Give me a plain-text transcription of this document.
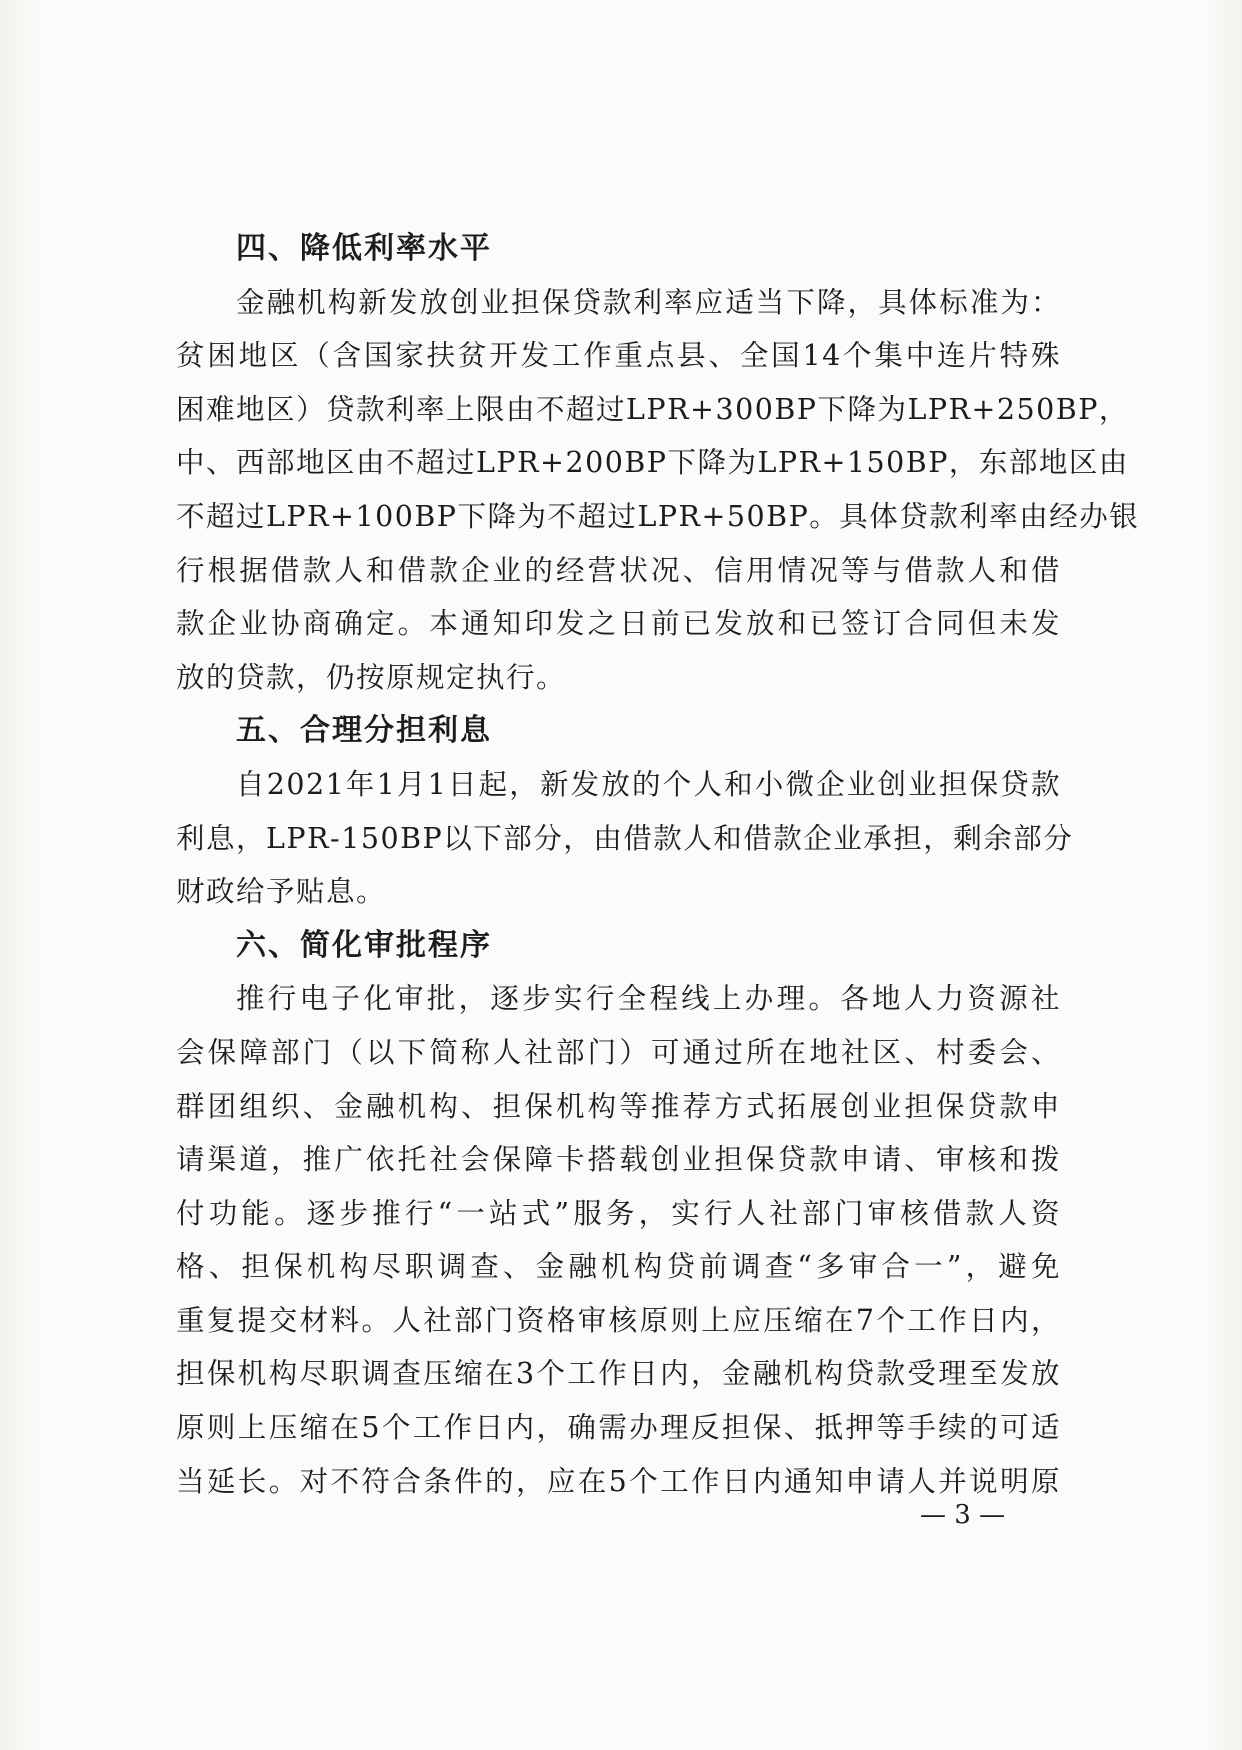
四、降低利率水平
金融机构新发放创业担保贷款利率应适当下降，具体标准为：
贫困地区（含国家扶贫开发工作重点县、全国14个集中连片特殊
困难地区）贷款利率上限由不超过LPR+300BP下降为LPR+250BP，
中、西部地区由不超过LPR+200BP下降为LPR+150BP，东部地区由
不超过LPR+100BP下降为不超过LPR+50BP。具体贷款利率由经办银
行根据借款人和借款企业的经营状况、信用情况等与借款人和借
款企业协商确定。本通知印发之日前已发放和已签订合同但未发
放的贷款，仍按原规定执行。
五、合理分担利息
自2021年1月1日起，新发放的个人和小微企业创业担保贷款
利息，LPR-150BP以下部分，由借款人和借款企业承担，剩余部分
财政给予贴息。
六、简化审批程序
推行电子化审批，逐步实行全程线上办理。各地人力资源社
会保障部门（以下简称人社部门）可通过所在地社区、村委会、
群团组织、金融机构、担保机构等推荐方式拓展创业担保贷款申
请渠道，推广依托社会保障卡搭载创业担保贷款申请、审核和拨
付功能。逐步推行“一站式”服务，实行人社部门审核借款人资
格、担保机构尽职调查、金融机构贷前调查“多审合一”，避免
重复提交材料。人社部门资格审核原则上应压缩在7个工作日内，
担保机构尽职调查压缩在3个工作日内，金融机构贷款受理至发放
原则上压缩在5个工作日内，确需办理反担保、抵押等手续的可适
当延长。对不符合条件的，应在5个工作日内通知申请人并说明原
— 3 —
